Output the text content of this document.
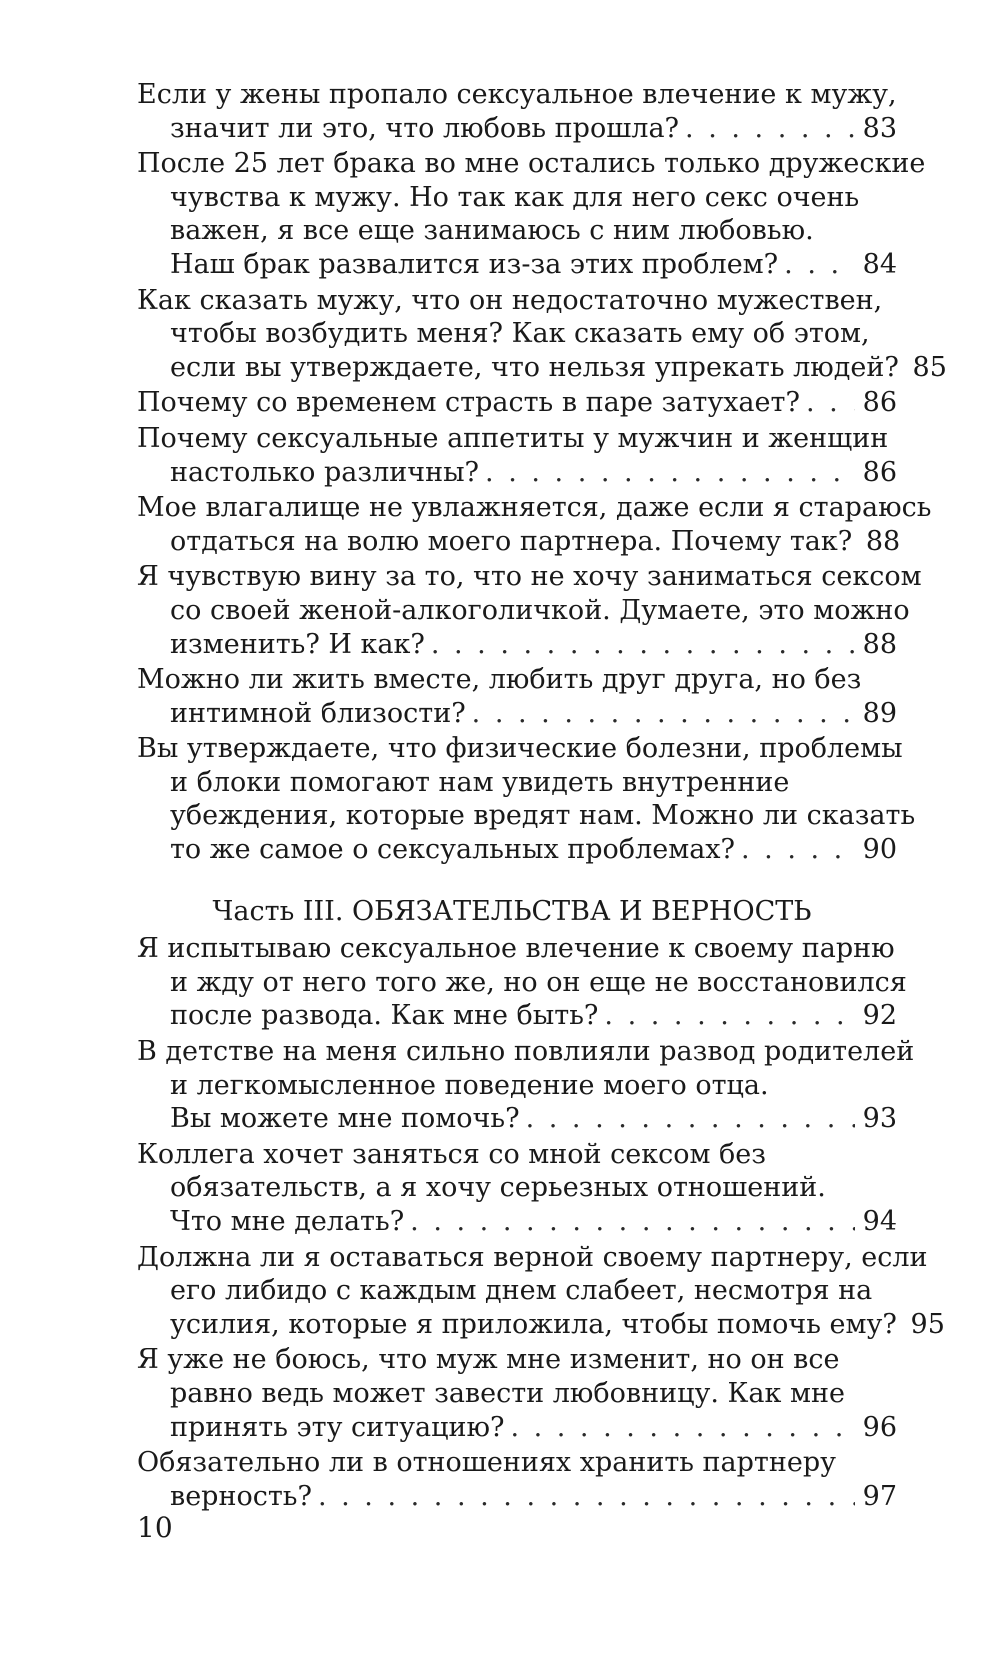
Если у жены пропало сексуальное влечение к мужу,
значит ли это, что любовь прошла? . . .	83
После 25 лет брака во мне остались только дружеские
чувства к мужу. Но так как для него секс очень
важен, я все еще занимаюсь с ним любовью.
Наш брак развалится из-за этих проблем? . . .	84
Как сказать мужу, что он недостаточно мужествен,
чтобы возбудить меня? Как сказать ему об этом,
если вы утверждаете, что нельзя упрекать людей? 85
Почему со временем страсть в паре затухает? . . . 86
Почему сексуальные аппетиты у мужчин и женщин
настолько различны? . . .	86
Мое влагалище не увлажняется, даже если я стараюсь
отдаться на волю моего партнера. Почему так? 88
Я чувствую вину за то, что не хочу заниматься сексом
со своей женой-алкоголичкой. Думаете, это можно
изменить? И как? . . .	88
Можно ли жить вместе, любить друг друга, но без
интимной близости? . . .	89
Вы утверждаете, что физические болезни, проблемы
и блоки помогают нам увидеть внутренние
убеждения, которые вредят нам. Можно ли сказать
то же самое о сексуальных проблемах? . . .	90
Часть III. ОБЯЗАТЕЛЬСТВА И ВЕРНОСТЬ
Я испытываю сексуальное влечение к своему парню
и жду от него того же, но он еще не восстановился
после развода. Как мне быть? . . .	92
В детстве на меня сильно повлияли развод родителей
и легкомысленное поведение моего отца.
Вы можете мне помочь? . . .	93
Коллега хочет заняться со мной сексом без
обязательств, а я хочу серьезных отношений.
Что мне делать? . . .	94
Должна ли я оставаться верной своему партнеру, если
его либидо с каждым днем слабеет, несмотря на
усилия, которые я приложила, чтобы помочь ему? 95
Я уже не боюсь, что муж мне изменит, но он все
равно ведь может завести любовницу. Как мне
принять эту ситуацию? . . .	96
Обязательно ли в отношениях хранить партнеру
верность? . . .	97
10
